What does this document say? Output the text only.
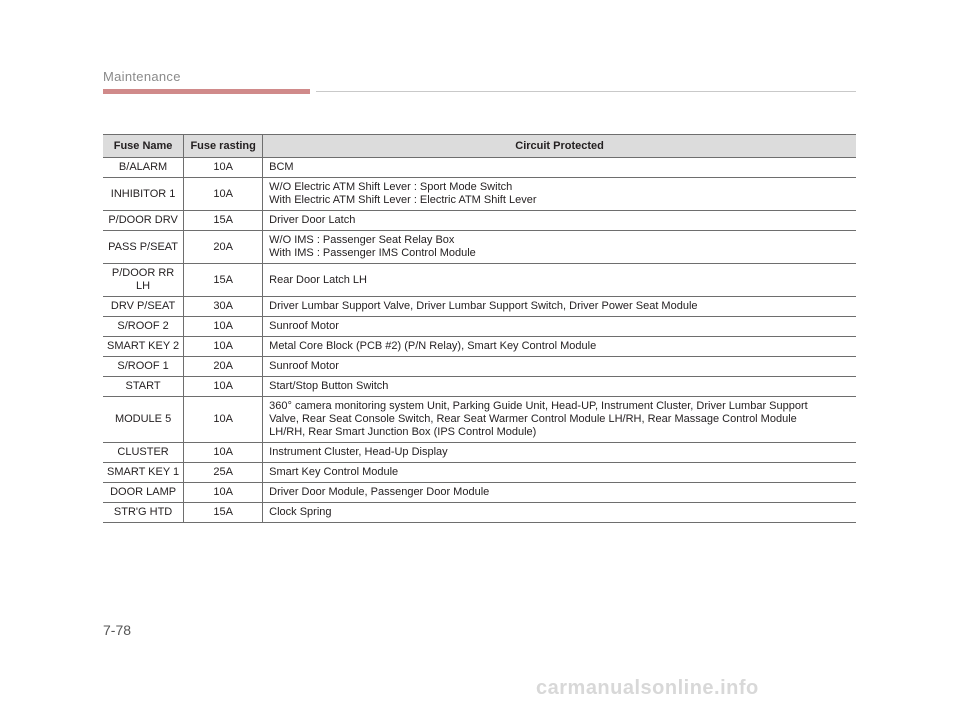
Maintenance
Fuse Name	Fuse rasting	Circuit Protected

B/ALARM	10A	BCM

INHIBITOR 1	10A	W/O Electric ATM Shift Lever : Sport Mode Switch
With Electric ATM Shift Lever : Electric ATM Shift Lever

P/DOOR DRV	15A	Driver Door Latch

PASS P/SEAT	20A	W/O IMS : Passenger Seat Relay Box
With IMS : Passenger IMS Control Module

P/DOOR RR
LH	15A	Rear Door Latch LH

DRV P/SEAT	30A	Driver Lumbar Support Valve, Driver Lumbar Support Switch, Driver Power Seat Module

S/ROOF 2	10A	Sunroof Motor

SMART KEY 2	10A	Metal Core Block (PCB #2) (P/N Relay), Smart Key Control Module

S/ROOF 1	20A	Sunroof Motor

START	10A	Start/Stop Button Switch

MODULE 5	10A	360° camera monitoring system Unit, Parking Guide Unit, Head-UP, Instrument Cluster, Driver Lumbar Support
Valve, Rear Seat Console Switch, Rear Seat Warmer Control Module LH/RH, Rear Massage Control Module
LH/RH, Rear Smart Junction Box (IPS Control Module)

CLUSTER	10A	Instrument Cluster, Head-Up Display

SMART KEY 1	25A	Smart Key Control Module

DOOR LAMP	10A	Driver Door Module, Passenger Door Module

STR'G HTD	15A	Clock Spring
7-78
carmanualsonline.info
